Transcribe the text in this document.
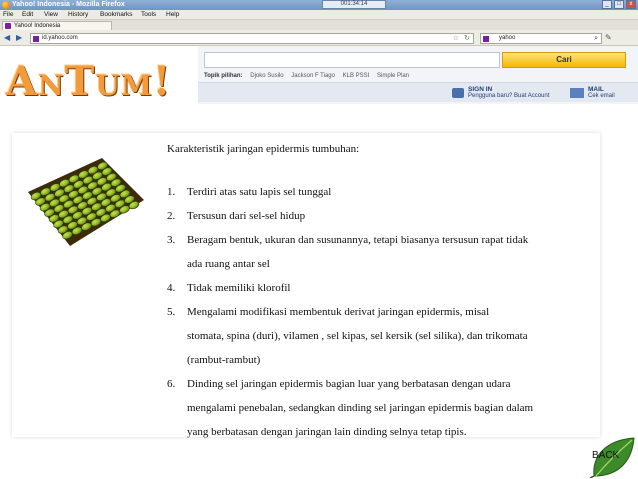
Yahoo! Indonesia - Mozilla Firefox	001:34:14	_	□	x
File Edit View History Bookmarks Tools Help
Yahoo! Indonesia
◀ ▶	id.yahoo.com	☆ ↻	yahoo	⌕ ✎
Cari
Topik pilihan: Djoko Susilo Jackson F Tiago KLB PSSI Simple Plan
SIGN IN
Pengguna baru? Buat Account
MAIL
Cek email
ANTUM!
Karakteristik jaringan epidermis tumbuhan:
1.	Terdiri atas satu lapis sel tunggal
2.	Tersusun dari sel-sel hidup
3.	Beragam bentuk, ukuran dan susunannya, tetapi biasanya tersusun rapat tidak
ada ruang antar sel
4.	Tidak memiliki klorofil
5.	Mengalami modifikasi membentuk derivat jaringan epidermis, misal
stomata, spina (duri), vilamen , sel kipas, sel kersik (sel silika), dan trikomata
(rambut-rambut)
6.	Dinding sel jaringan epidermis bagian luar yang berbatasan dengan udara
mengalami penebalan, sedangkan dinding sel jaringan epidermis bagian dalam
yang berbatasan dengan jaringan lain dinding selnya tetap tipis.
BACK
